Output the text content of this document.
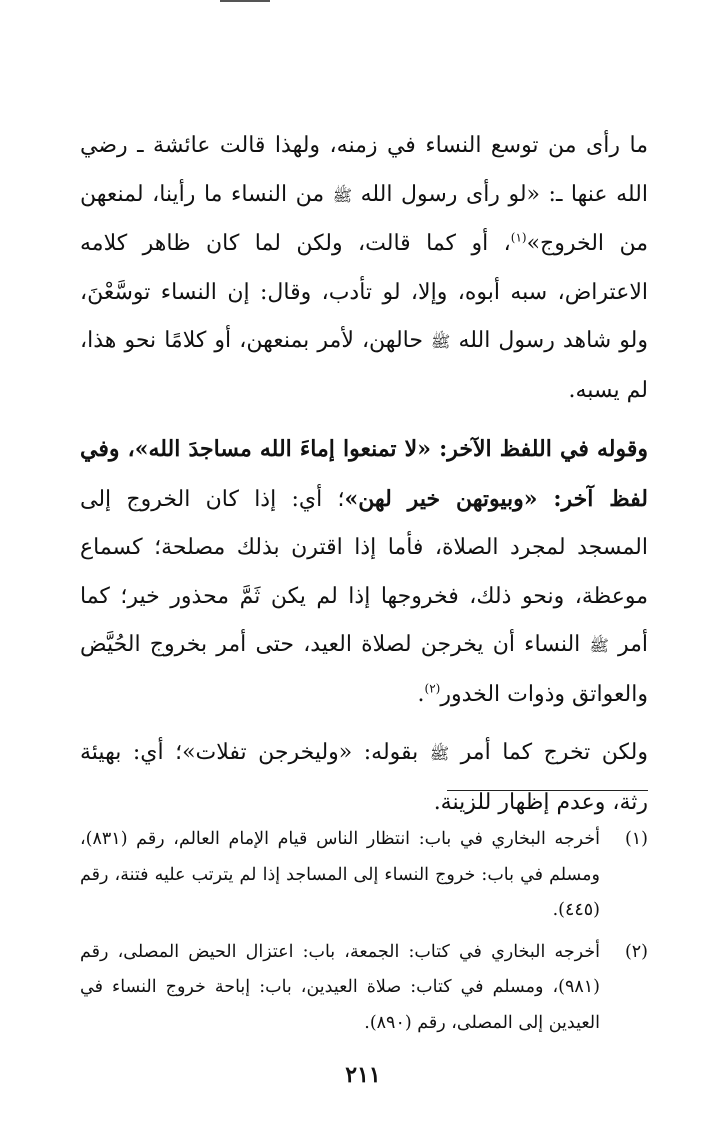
ما رأى من توسع النساء في زمنه، ولهذا قالت عائشة ـ رضي الله عنها ـ: «لو رأى رسول الله ﷺ من النساء ما رأينا، لمنعهن من الخروج»$^{(١)}$، أو كما قالت، ولكن لما كان ظاهر كلامه الاعتراض، سبه أبوه، وإلا، لو تأدب، وقال: إن النساء توسَّعْنَ، ولو شاهد رسول الله ﷺ حالهن، لأمر بمنعهن، أو كلامًا نحو هذا، لم يسبه.

وقوله في اللفظ الآخر: «لا تمنعوا إماءَ الله مساجدَ الله»، وفي لفظ آخر: «وبيوتهن خير لهن»؛ أي: إذا كان الخروج إلى المسجد لمجرد الصلاة، فأما إذا اقترن بذلك مصلحة؛ كسماع موعظة، ونحو ذلك، فخروجها إذا لم يكن ثَمَّ محذور خير؛ كما أمر ﷺ النساء أن يخرجن لصلاة العيد، حتى أمر بخروج الحُيَّض والعواتق وذوات الخدور$^{(٢)}$.

ولكن تخرج كما أمر ﷺ بقوله: «وليخرجن تفلات»؛ أي: بهيئة رثة، وعدم إظهار للزينة.

(١)
أخرجه البخاري في باب: انتظار الناس قيام الإمام العالم، رقم (٨٣١)، ومسلم في باب: خروج النساء إلى المساجد إذا لم يترتب عليه فتنة، رقم (٤٤٥).
(٢)
أخرجه البخاري في كتاب: الجمعة، باب: اعتزال الحيض المصلى، رقم (٩٨١)، ومسلم في كتاب: صلاة العيدين، باب: إباحة خروج النساء في العيدين إلى المصلى، رقم (٨٩٠).
٢١١
